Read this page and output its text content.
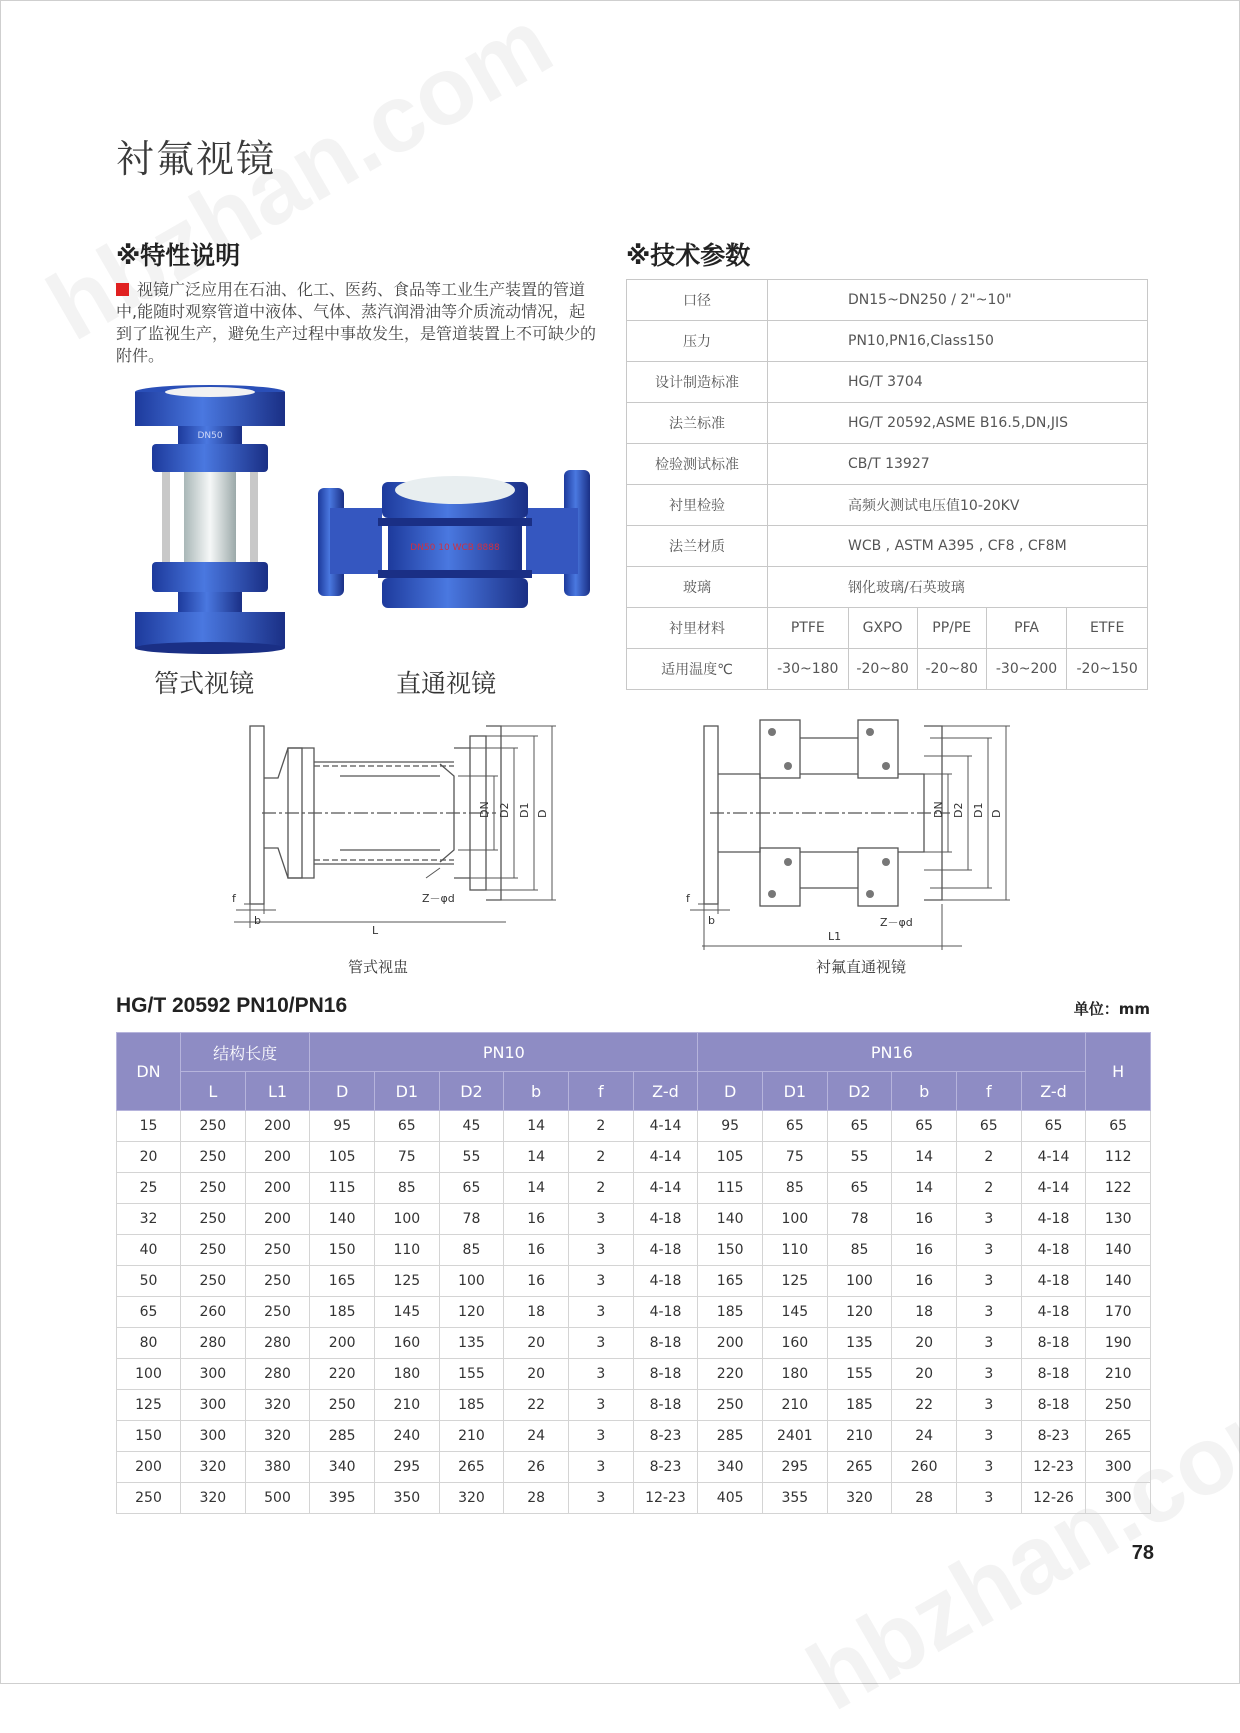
衬氟视镜
※特性说明
视镜广泛应用在石油、化工、医药、食品等工业生产装置的管道中,能随时观察管道中液体、气体、蒸汽润滑油等介质流动情况，起到了监视生产，避免生产过程中事故发生，是管道装置上不可缺少的附件。
DN50
管式视镜
DN50 10 WCB 8888
直通视镜
※技术参数
口径	DN15~DN250 / 2"~10"				
压力	PN10,PN16,Class150				
设计制造标准	HG/T 3704				
法兰标准	HG/T 20592,ASME B16.5,DN,JIS				
检验测试标准	CB/T 13927				
衬里检验	高频火测试电压值10-20KV				
法兰材质	WCB , ASTM A395 , CF8 , CF8M				
玻璃	钢化玻璃/石英玻璃				
衬里材料	PTFE	GXPO	PP/PE	PFA	ETFE
适用温度℃	-30~180	-20~80	-20~80	-30~200	-20~150
DN D2 D1 D
Z－φd
f
b
L
管式视盅
DN D2 D1 D
Z－φd
f
b
L1
衬氟直通视镜
HG/T 20592 PN10/PN16	单位：mm
DN	结构长度		PN10						PN16						H
	L	L1	D	D1	D2	b	f	Z-d	D	D1	D2	b	f	Z-d	
15	250	200	95	65	45	14	2	4-14	95	65	65	65	65	65	65
20	250	200	105	75	55	14	2	4-14	105	75	55	14	2	4-14	112
25	250	200	115	85	65	14	2	4-14	115	85	65	14	2	4-14	122
32	250	200	140	100	78	16	3	4-18	140	100	78	16	3	4-18	130
40	250	250	150	110	85	16	3	4-18	150	110	85	16	3	4-18	140
50	250	250	165	125	100	16	3	4-18	165	125	100	16	3	4-18	140
65	260	250	185	145	120	18	3	4-18	185	145	120	18	3	4-18	170
80	280	280	200	160	135	20	3	8-18	200	160	135	20	3	8-18	190
100	300	280	220	180	155	20	3	8-18	220	180	155	20	3	8-18	210
125	300	320	250	210	185	22	3	8-18	250	210	185	22	3	8-18	250
150	300	320	285	240	210	24	3	8-23	285	2401	210	24	3	8-23	265
200	320	380	340	295	265	26	3	8-23	340	295	265	260	3	12-23	300
250	320	500	395	350	320	28	3	12-23	405	355	320	28	3	12-26	300
78
